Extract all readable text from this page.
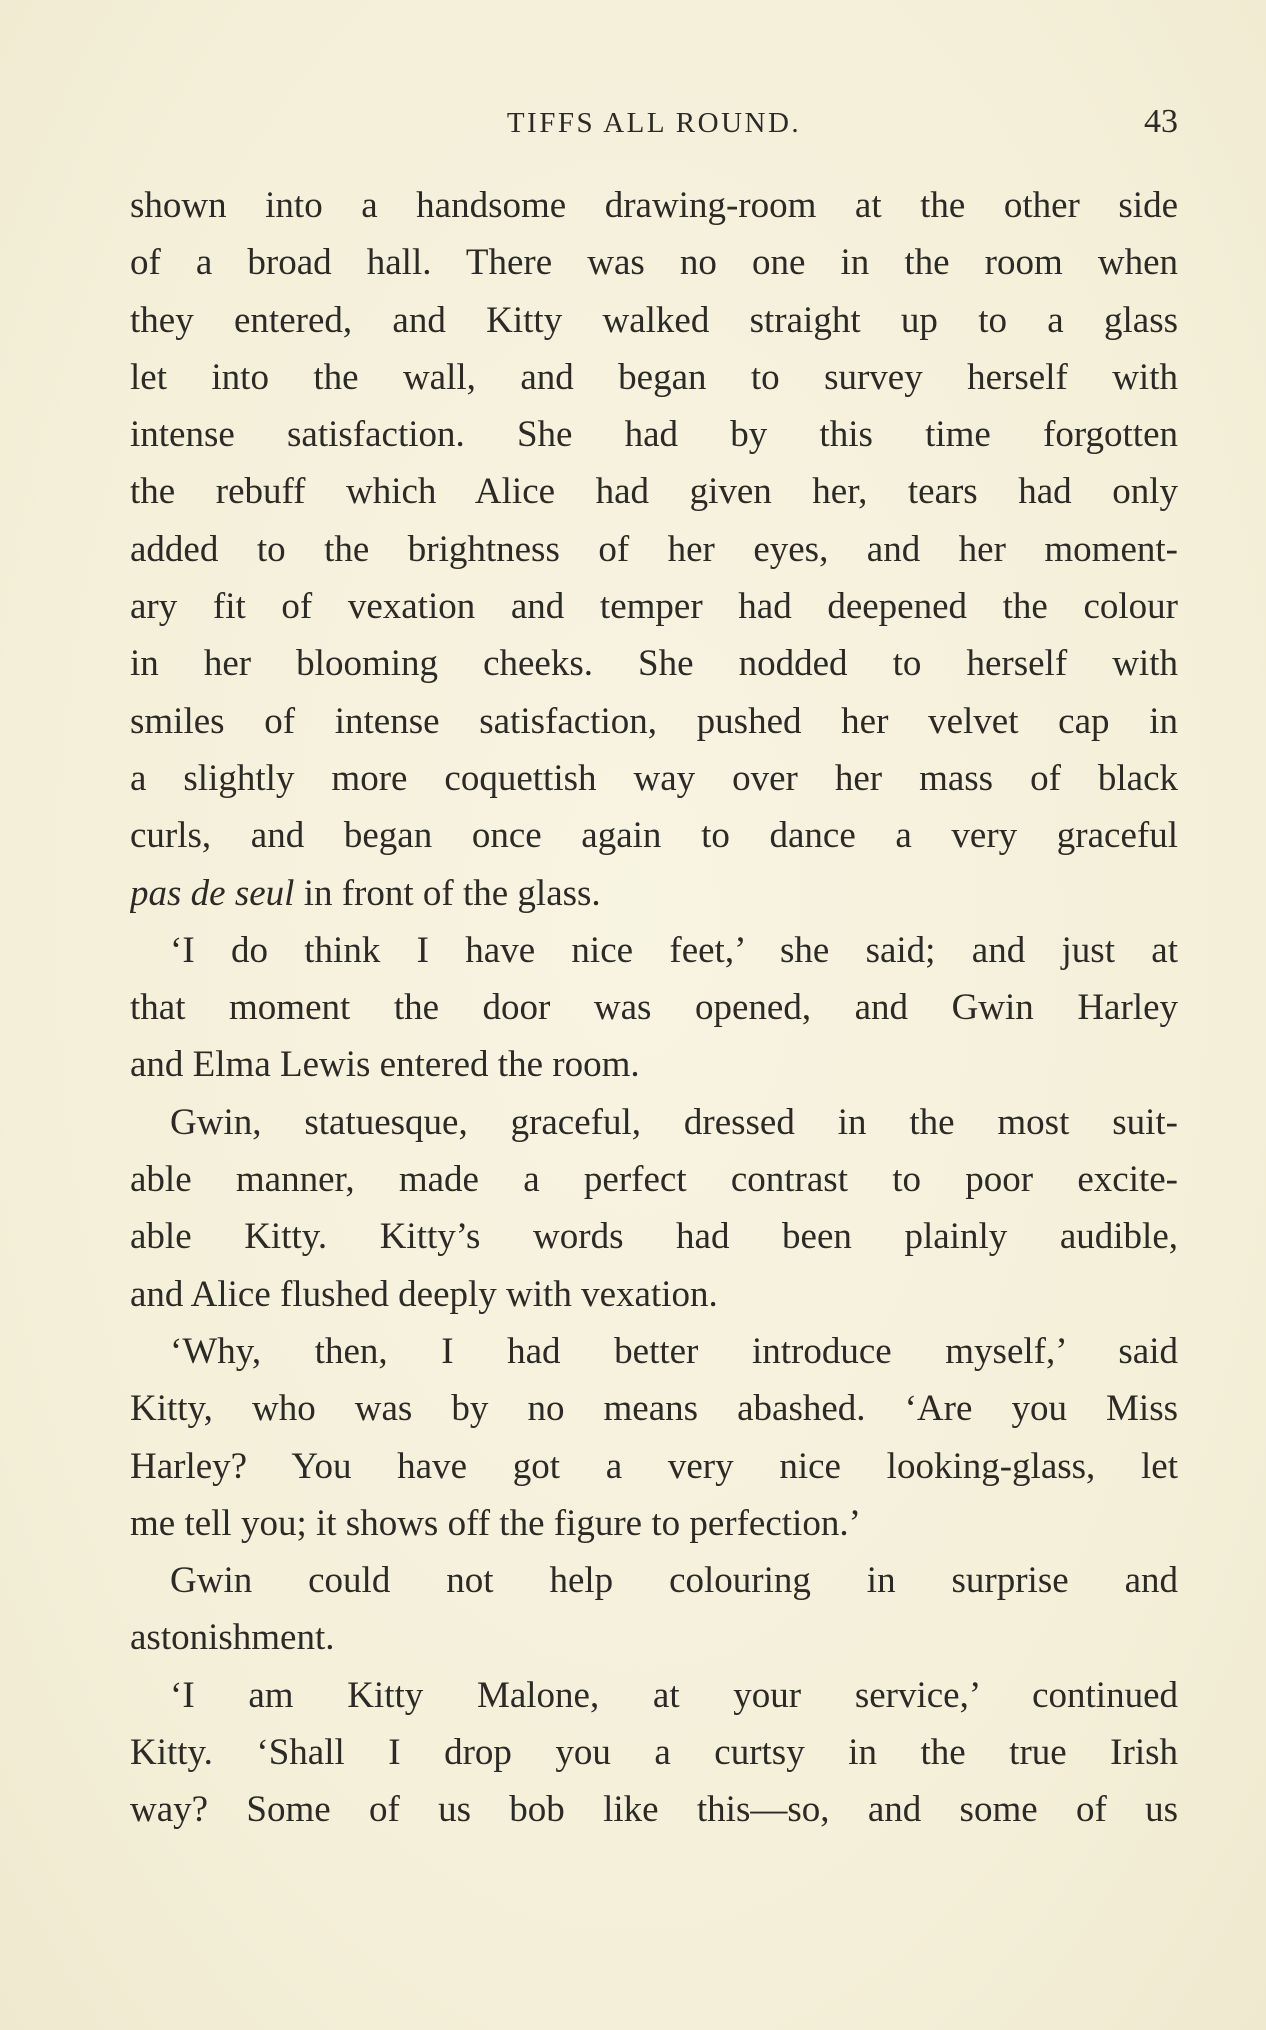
TIFFS ALL ROUND.	43
shown into a handsome drawing-room at the other side
of a broad hall. There was no one in the room when
they entered, and Kitty walked straight up to a glass
let into the wall, and began to survey herself with
intense satisfaction. She had by this time forgotten
the rebuff which Alice had given her, tears had only
added to the brightness of her eyes, and her moment-
ary fit of vexation and temper had deepened the colour
in her blooming cheeks. She nodded to herself with
smiles of intense satisfaction, pushed her velvet cap in
a slightly more coquettish way over her mass of black
curls, and began once again to dance a very graceful
pas de seul in front of the glass.
‘I do think I have nice feet,’ she said; and just at
that moment the door was opened, and Gwin Harley
and Elma Lewis entered the room.
Gwin, statuesque, graceful, dressed in the most suit-
able manner, made a perfect contrast to poor excite-
able Kitty. Kitty’s words had been plainly audible,
and Alice flushed deeply with vexation.
‘Why, then, I had better introduce myself,’ said
Kitty, who was by no means abashed. ‘Are you Miss
Harley? You have got a very nice looking-glass, let
me tell you; it shows off the figure to perfection.’
Gwin could not help colouring in surprise and
astonishment.
‘I am Kitty Malone, at your service,’ continued
Kitty. ‘Shall I drop you a curtsy in the true Irish
way? Some of us bob like this—so, and some of us
